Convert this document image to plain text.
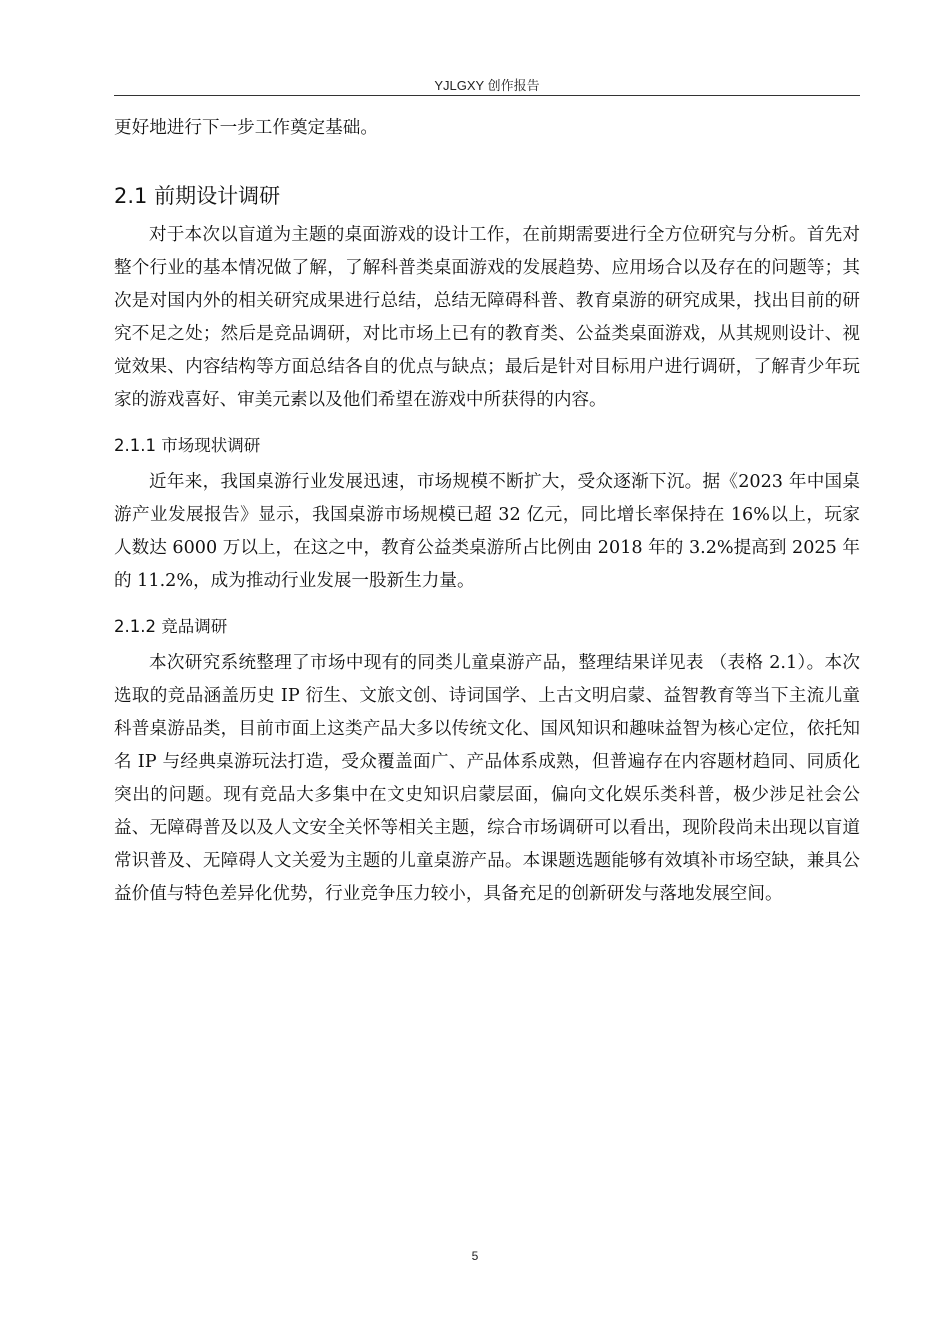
YJLGXY 创作报告

更好地进行下一步工作奠定基础。

2.1 前期设计调研

对于本次以盲道为主题的桌面游戏的设计工作，在前期需要进行全方位研究与分析。首先对整个行业的基本情况做了解，了解科普类桌面游戏的发展趋势、应用场合以及存在的问题等；其次是对国内外的相关研究成果进行总结，总结无障碍科普、教育桌游的研究成果，找出目前的研究不足之处；然后是竞品调研，对比市场上已有的教育类、公益类桌面游戏，从其规则设计、视觉效果、内容结构等方面总结各自的优点与缺点；最后是针对目标用户进行调研，了解青少年玩家的游戏喜好、审美元素以及他们希望在游戏中所获得的内容。

2.1.1 市场现状调研

近年来，我国桌游行业发展迅速，市场规模不断扩大，受众逐渐下沉。据《2023 年中国桌游产业发展报告》显示，我国桌游市场规模已超 32 亿元，同比增长率保持在 16%以上，玩家人数达 6000 万以上，在这之中，教育公益类桌游所占比例由 2018 年的 3.2%提高到 2025 年的 11.2%，成为推动行业发展一股新生力量。

2.1.2 竞品调研

本次研究系统整理了市场中现有的同类儿童桌游产品，整理结果详见表 （表格 2.1）。本次选取的竞品涵盖历史 IP 衍生、文旅文创、诗词国学、上古文明启蒙、益智教育等当下主流儿童科普桌游品类，目前市面上这类产品大多以传统文化、国风知识和趣味益智为核心定位，依托知名 IP 与经典桌游玩法打造，受众覆盖面广、产品体系成熟，但普遍存在内容题材趋同、同质化突出的问题。现有竞品大多集中在文史知识启蒙层面，偏向文化娱乐类科普，极少涉足社会公益、无障碍普及以及人文安全关怀等相关主题，综合市场调研可以看出，现阶段尚未出现以盲道常识普及、无障碍人文关爱为主题的儿童桌游产品。本课题选题能够有效填补市场空缺，兼具公益价值与特色差异化优势，行业竞争压力较小，具备充足的创新研发与落地发展空间。

5
